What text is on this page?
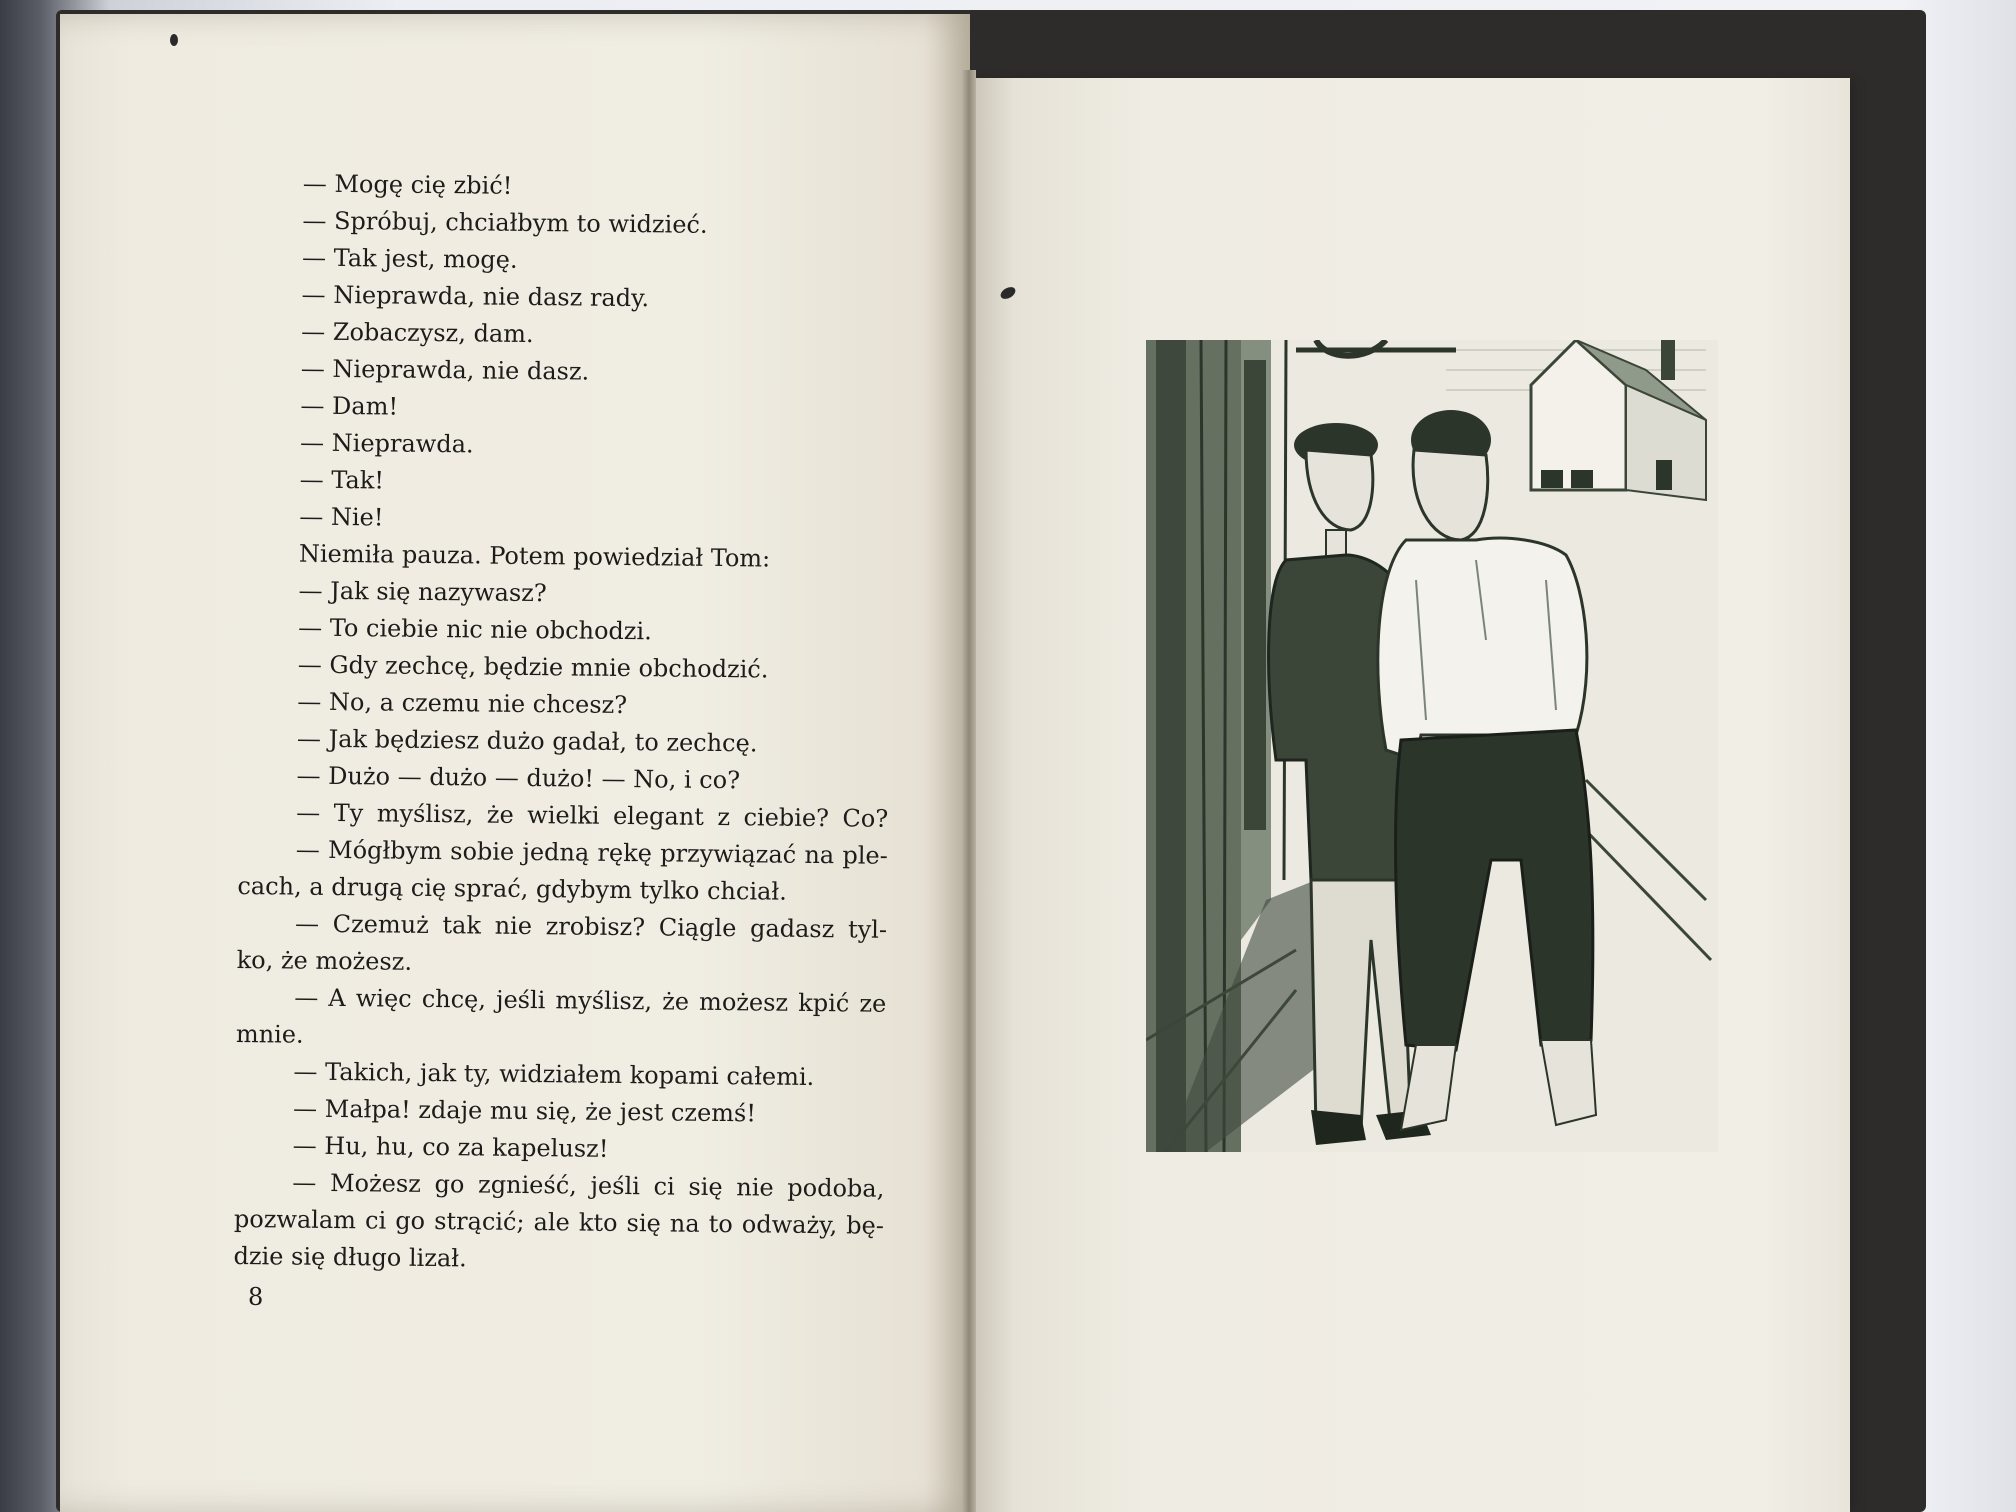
— Mogę cię zbić!
— Spróbuj, chciałbym to widzieć.
— Tak jest, mogę.
— Nieprawda, nie dasz rady.
— Zobaczysz, dam.
— Nieprawda, nie dasz.
— Dam!
— Nieprawda.
— Tak!
— Nie!
Niemiła pauza. Potem powiedział Tom:
— Jak się nazywasz?
— To ciebie nic nie obchodzi.
— Gdy zechcę, będzie mnie obchodzić.
— No, a czemu nie chcesz?
— Jak będziesz dużo gadał, to zechcę.
— Dużo — dużo — dużo! — No, i co?
— Ty myślisz, że wielki elegant z ciebie? Co?
— Mógłbym sobie jedną rękę przywiązać na ple-
cach, a drugą cię sprać, gdybym tylko chciał.
— Czemuż tak nie zrobisz? Ciągle gadasz tyl-
ko, że możesz.
— A więc chcę, jeśli myślisz, że możesz kpić ze
mnie.
— Takich, jak ty, widziałem kopami całemi.
— Małpa! zdaje mu się, że jest czemś!
— Hu, hu, co za kapelusz!
— Możesz go zgnieść, jeśli ci się nie podoba,
pozwalam ci go strącić; ale kto się na to odważy, bę-
dzie się długo lizał.
8
